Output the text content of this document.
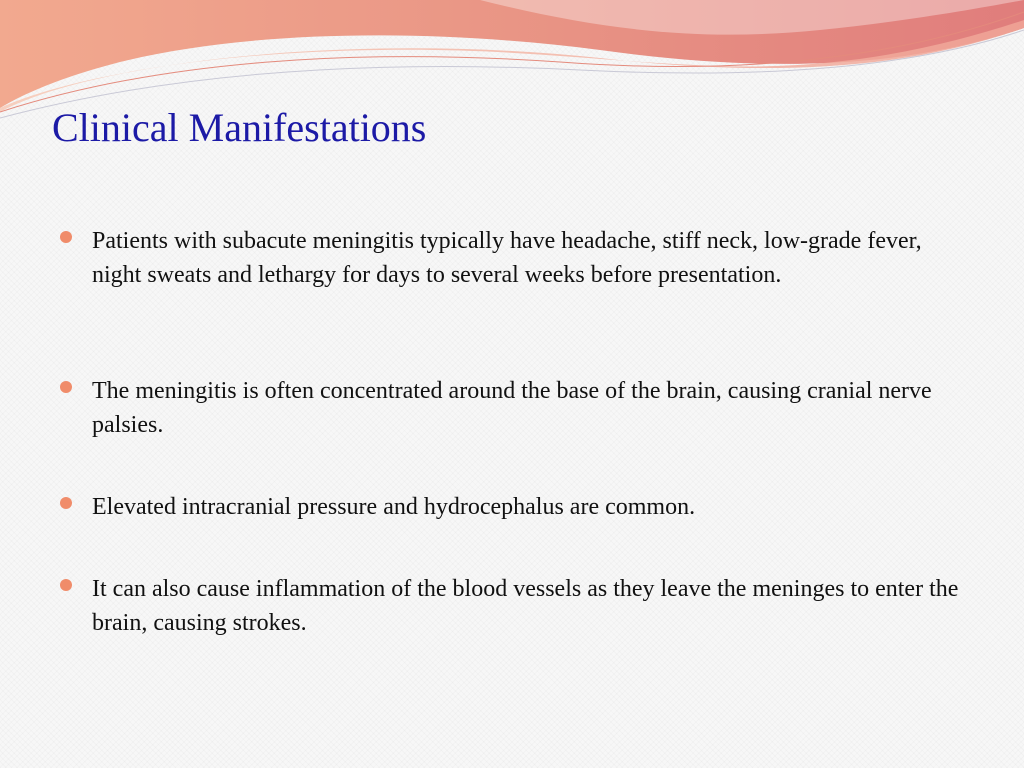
Clinical Manifestations
Patients with subacute meningitis typically have headache, stiff neck, low-grade fever, night sweats and lethargy for days to several weeks before presentation.
The meningitis is often concentrated around the base of the brain, causing cranial nerve palsies.
Elevated intracranial pressure and hydrocephalus are common.
It can also cause inflammation of the blood vessels as they leave the meninges to enter the brain, causing strokes.
